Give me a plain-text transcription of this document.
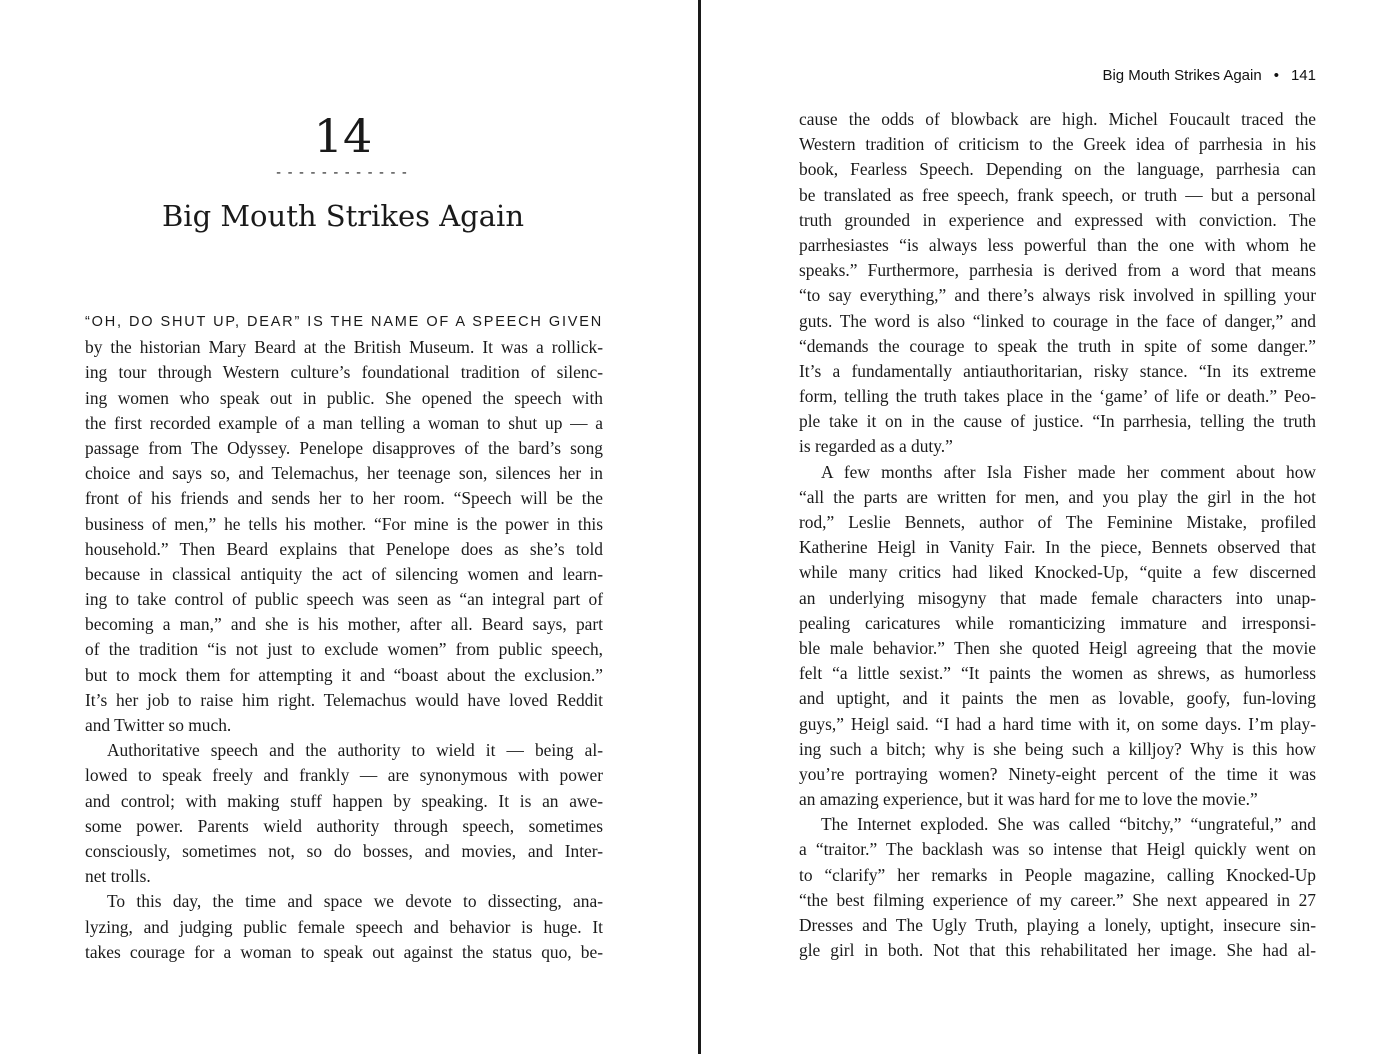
14
------------
Big Mouth Strikes Again
“OH, DO SHUT UP, DEAR” IS THE NAME OF A SPEECH GIVEN
by the historian Mary Beard at the British Museum. It was a rollick-
ing tour through Western culture’s foundational tradition of silenc-
ing women who speak out in public. She opened the speech with
the first recorded example of a man telling a woman to shut up — a
passage from The Odyssey. Penelope disapproves of the bard’s song
choice and says so, and Telemachus, her teenage son, silences her in
front of his friends and sends her to her room. “Speech will be the
business of men,” he tells his mother. “For mine is the power in this
household.” Then Beard explains that Penelope does as she’s told
because in classical antiquity the act of silencing women and learn-
ing to take control of public speech was seen as “an integral part of
becoming a man,” and she is his mother, after all. Beard says, part
of the tradition “is not just to exclude women” from public speech,
but to mock them for attempting it and “boast about the exclusion.”
It’s her job to raise him right. Telemachus would have loved Reddit
and Twitter so much.
Authoritative speech and the authority to wield it — being al-
lowed to speak freely and frankly — are synonymous with power
and control; with making stuff happen by speaking. It is an awe-
some power. Parents wield authority through speech, sometimes
consciously, sometimes not, so do bosses, and movies, and Inter-
net trolls.
To this day, the time and space we devote to dissecting, ana-
lyzing, and judging public female speech and behavior is huge. It
takes courage for a woman to speak out against the status quo, be-
Big Mouth Strikes Again • 141
cause the odds of blowback are high. Michel Foucault traced the
Western tradition of criticism to the Greek idea of parrhesia in his
book, Fearless Speech. Depending on the language, parrhesia can
be translated as free speech, frank speech, or truth — but a personal
truth grounded in experience and expressed with conviction. The
parrhesiastes “is always less powerful than the one with whom he
speaks.” Furthermore, parrhesia is derived from a word that means
“to say everything,” and there’s always risk involved in spilling your
guts. The word is also “linked to courage in the face of danger,” and
“demands the courage to speak the truth in spite of some danger.”
It’s a fundamentally antiauthoritarian, risky stance. “In its extreme
form, telling the truth takes place in the ‘game’ of life or death.” Peo-
ple take it on in the cause of justice. “In parrhesia, telling the truth
is regarded as a duty.”
A few months after Isla Fisher made her comment about how
“all the parts are written for men, and you play the girl in the hot
rod,” Leslie Bennets, author of The Feminine Mistake, profiled
Katherine Heigl in Vanity Fair. In the piece, Bennets observed that
while many critics had liked Knocked-Up, “quite a few discerned
an underlying misogyny that made female characters into unap-
pealing caricatures while romanticizing immature and irresponsi-
ble male behavior.” Then she quoted Heigl agreeing that the movie
felt “a little sexist.” “It paints the women as shrews, as humorless
and uptight, and it paints the men as lovable, goofy, fun-loving
guys,” Heigl said. “I had a hard time with it, on some days. I’m play-
ing such a bitch; why is she being such a killjoy? Why is this how
you’re portraying women? Ninety-eight percent of the time it was
an amazing experience, but it was hard for me to love the movie.”
The Internet exploded. She was called “bitchy,” “ungrateful,” and
a “traitor.” The backlash was so intense that Heigl quickly went on
to “clarify” her remarks in People magazine, calling Knocked-Up
“the best filming experience of my career.” She next appeared in 27
Dresses and The Ugly Truth, playing a lonely, uptight, insecure sin-
gle girl in both. Not that this rehabilitated her image. She had al-
